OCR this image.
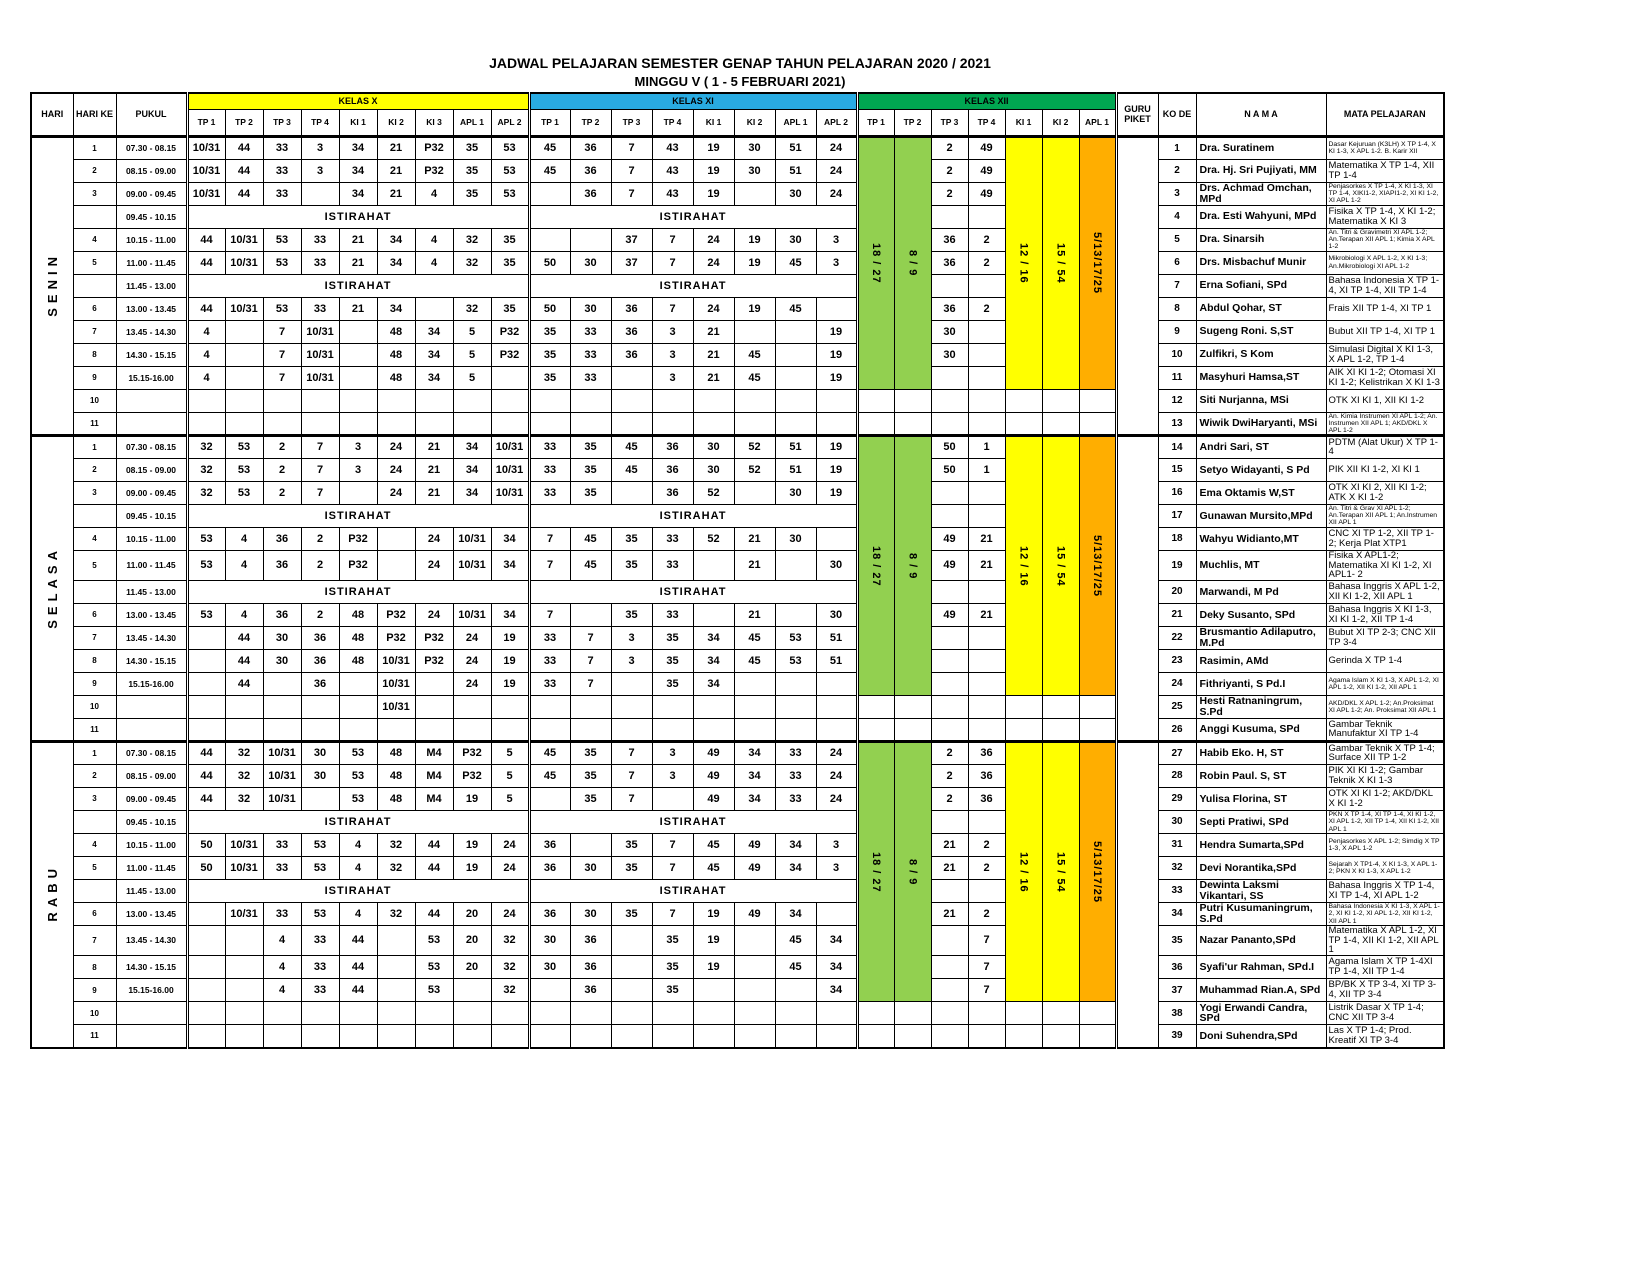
JADWAL PELAJARAN SEMESTER GENAP TAHUN PELAJARAN 2020 / 2021
MINGGU V ( 1 - 5 FEBRUARI 2021)
HARI	HARI KE	PUKUL	KELAS X									KELAS XI								KELAS XII							GURU PIKET	KO DE	N A M A	MATA PELAJARAN
			TP 1	TP 2	TP 3	TP 4	KI 1	KI 2	KI 3	APL 1	APL 2	TP 1	TP 2	TP 3	TP 4	KI 1	KI 2	APL 1	APL 2	TP 1	TP 2	TP 3	TP 4	KI 1	KI 2	APL 1				
SENIN	1	07.30 - 08.15	10/31	44	33	3	34	21	P32	35	53	45	36	7	43	19	30	51	24	18 / 27	8 / 9	2	49	12 / 16	15 / 54	5/13/17/25		1	Dra. Suratinem	Dasar Kejuruan (K3LH) X TP 1-4, X KI 1-3, X APL 1-2. B. Karir XII
	2	08.15 - 09.00	10/31	44	33	3	34	21	P32	35	53	45	36	7	43	19	30	51	24			2	49					2	Dra. Hj. Sri Pujiyati, MM	Matematika X TP 1-4, XII TP 1-4
	3	09.00 - 09.45	10/31	44	33		34	21	4	35	53		36	7	43	19		30	24			2	49					3	Drs. Achmad Omchan, MPd	Penjasorkes X TP 1-4, X KI 1-3, XI TP 1-4, XIKI1-2, XIAPI1-2, XI KI 1-2, XI APL 1-2
		09.45 - 10.15	ISTIRAHAT									ISTIRAHAT																4	Dra. Esti Wahyuni, MPd	Fisika X TP 1-4, X KI 1-2; Matematika X KI 3
	4	10.15 - 11.00	44	10/31	53	33	21	34	4	32	35			37	7	24	19	30	3			36	2					5	Dra. Sinarsih	An. Titri & Gravimetri XI APL 1-2; An.Terapan XII APL 1; Kimia X APL 1-2
	5	11.00 - 11.45	44	10/31	53	33	21	34	4	32	35	50	30	37	7	24	19	45	3			36	2					6	Drs. Misbachuf Munir	Mikrobiologi X APL 1-2, X KI 1-3; An.Mikrobiologi XI APL 1-2
		11.45 - 13.00	ISTIRAHAT									ISTIRAHAT																7	Erna Sofiani, SPd	Bahasa Indonesia X TP 1-4, XI TP 1-4, XII TP 1-4
	6	13.00 - 13.45	44	10/31	53	33	21	34		32	35	50	30	36	7	24	19	45				36	2					8	Abdul Qohar, ST	Frais XII TP 1-4, XI TP 1
	7	13.45 - 14.30	4		7	10/31		48	34	5	P32	35	33	36	3	21			19			30						9	Sugeng Roni. S,ST	Bubut XII TP 1-4, XI TP 1
	8	14.30 - 15.15	4		7	10/31		48	34	5	P32	35	33	36	3	21	45		19			30						10	Zulfikri, S Kom	Simulasi Digital X KI 1-3, X APL 1-2, TP 1-4
	9	15.15-16.00	4		7	10/31		48	34	5		35	33		3	21	45		19									11	Masyhuri Hamsa,ST	AIK XI KI 1-2; Otomasi XI KI 1-2; Kelistrikan X KI 1-3
	10																											12	Siti Nurjanna, MSi	OTK XI KI 1, XII KI 1-2
	11																											13	Wiwik DwiHaryanti, MSi	An. Kimia Instrumen XI APL 1-2; An. Instrumen XII APL 1; AKD/DKL X APL 1-2
SELASA	1	07.30 - 08.15	32	53	2	7	3	24	21	34	10/31	33	35	45	36	30	52	51	19	18 / 27	8 / 9	50	1	12 / 16	15 / 54	5/13/17/25		14	Andri Sari, ST	PDTM (Alat Ukur) X TP 1-4
	2	08.15 - 09.00	32	53	2	7	3	24	21	34	10/31	33	35	45	36	30	52	51	19			50	1					15	Setyo Widayanti, S Pd	PIK XII KI 1-2, XI KI 1
	3	09.00 - 09.45	32	53	2	7		24	21	34	10/31	33	35		36	52		30	19									16	Ema Oktamis W,ST	OTK XI KI 2, XII KI 1-2; ATK X KI 1-2
		09.45 - 10.15	ISTIRAHAT									ISTIRAHAT																17	Gunawan Mursito,MPd	An. Titri & Grav XI APL 1-2; An.Terapan XII APL 1; An.Instrumen XII APL 1
	4	10.15 - 11.00	53	4	36	2	P32		24	10/31	34	7	45	35	33	52	21	30				49	21					18	Wahyu Widianto,MT	CNC XI TP 1-2, XII TP 1-2; Kerja Plat XTP1
	5	11.00 - 11.45	53	4	36	2	P32		24	10/31	34	7	45	35	33		21		30			49	21					19	Muchlis, MT	Fisika X APL1-2; Matematika XI KI 1-2, XI APL1- 2
		11.45 - 13.00	ISTIRAHAT									ISTIRAHAT																20	Marwandi, M Pd	Bahasa Inggris X APL 1-2, XII KI 1-2, XII APL 1
	6	13.00 - 13.45	53	4	36	2	48	P32	24	10/31	34	7		35	33		21		30			49	21					21	Deky Susanto, SPd	Bahasa Inggris X KI 1-3, XI KI 1-2, XII TP 1-4
	7	13.45 - 14.30		44	30	36	48	P32	P32	24	19	33	7	3	35	34	45	53	51									22	Brusmantio Adilaputro, M.Pd	Bubut XI TP 2-3; CNC XII TP 3-4
	8	14.30 - 15.15		44	30	36	48	10/31	P32	24	19	33	7	3	35	34	45	53	51									23	Rasimin, AMd	Gerinda X TP 1-4
	9	15.15-16.00		44		36		10/31		24	19	33	7		35	34												24	Fithriyanti, S Pd.I	Agama Islam X KI 1-3, X APL 1-2, XI APL 1-2, XII KI 1-2, XII APL 1
	10							10/31																				25	Hesti Ratnaningrum, S.Pd	AKD/DKL X APL 1-2; An.Proksimat XI APL 1-2; An. Proksimat XII APL 1
	11																											26	Anggi Kusuma, SPd	Gambar Teknik Manufaktur XI TP 1-4
RABU	1	07.30 - 08.15	44	32	10/31	30	53	48	M4	P32	5	45	35	7	3	49	34	33	24	18 / 27	8 / 9	2	36	12 / 16	15 / 54	5/13/17/25		27	Habib Eko. H, ST	Gambar Teknik X TP 1-4; Surface XII TP 1-2
	2	08.15 - 09.00	44	32	10/31	30	53	48	M4	P32	5	45	35	7	3	49	34	33	24			2	36					28	Robin Paul. S, ST	PIK XI KI 1-2; Gambar Teknik X KI 1-3
	3	09.00 - 09.45	44	32	10/31		53	48	M4	19	5		35	7		49	34	33	24			2	36					29	Yulisa Florina, ST	OTK XI KI 1-2; AKD/DKL X KI 1-2
		09.45 - 10.15	ISTIRAHAT									ISTIRAHAT																30	Septi Pratiwi, SPd	PKN X TP 1-4, XI TP 1-4, XI KI 1-2, XI APL 1-2, XII TP 1-4, XII KI 1-2, XII APL 1
	4	10.15 - 11.00	50	10/31	33	53	4	32	44	19	24	36		35	7	45	49	34	3			21	2					31	Hendra Sumarta,SPd	Penjasorkes X APL 1-2; Simdig X TP 1-3, X APL 1-2
	5	11.00 - 11.45	50	10/31	33	53	4	32	44	19	24	36	30	35	7	45	49	34	3			21	2					32	Devi Norantika,SPd	Sejarah X TP1-4, X KI 1-3, X APL 1-2; PKN X KI 1-3, X APL 1-2
		11.45 - 13.00	ISTIRAHAT									ISTIRAHAT																33	Dewinta Laksmi Vikantari, SS	Bahasa Inggris X TP 1-4, XI TP 1-4, XI APL 1-2
	6	13.00 - 13.45		10/31	33	53	4	32	44	20	24	36	30	35	7	19	49	34				21	2					34	Putri Kusumaningrum, S.Pd	Bahasa Indonesia X KI 1-3, X APL 1-2, XI KI 1-2, XI APL 1-2, XII KI 1-2, XII APL 1
	7	13.45 - 14.30			4	33	44		53	20	32	30	36		35	19		45	34				7					35	Nazar Pananto,SPd	Matematika X APL 1-2, XI TP 1-4, XII KI 1-2, XII APL 1
	8	14.30 - 15.15			4	33	44		53	20	32	30	36		35	19		45	34				7					36	Syafi'ur Rahman, SPd.I	Agama Islam X TP 1-4XI TP 1-4, XII TP 1-4
	9	15.15-16.00			4	33	44		53		32		36		35				34				7					37	Muhammad Rian.A, SPd	BP/BK X TP 3-4, XI TP 3-4, XII TP 3-4
	10																											38	Yogi Erwandi Candra, SPd	Listrik Dasar X TP 1-4; CNC XII TP 3-4
	11																											39	Doni Suhendra,SPd	Las X TP 1-4; Prod. Kreatif XI TP 3-4
